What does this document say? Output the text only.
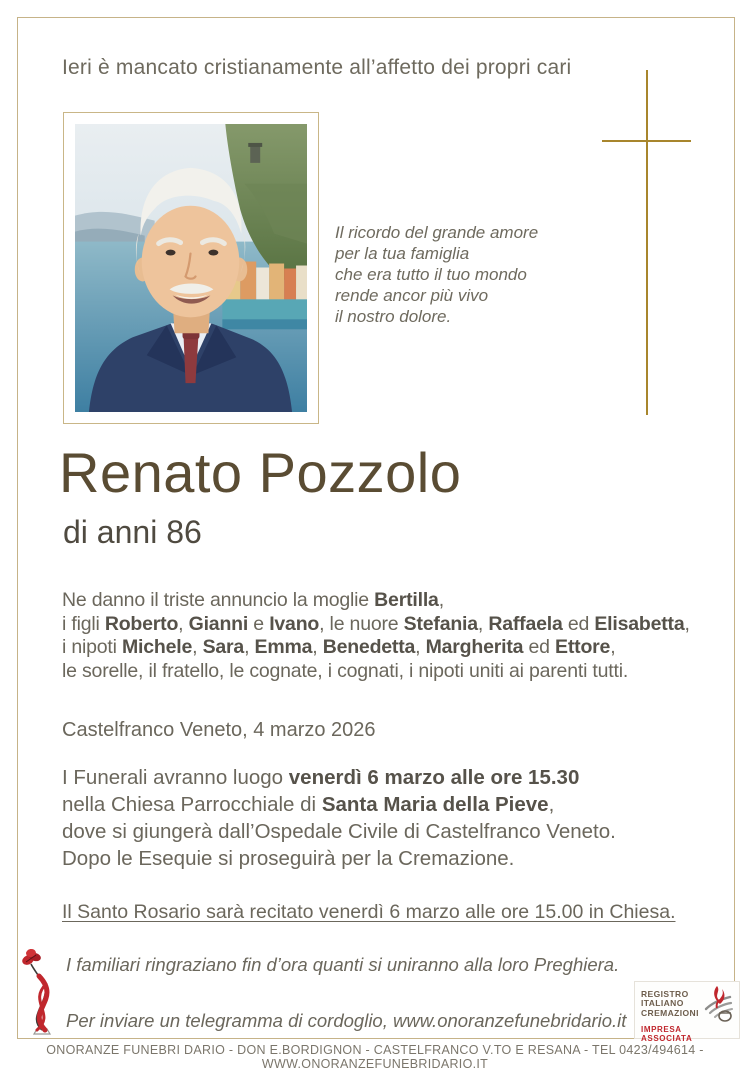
Ieri è mancato cristianamente all’affetto dei propri cari
Il ricordo del grande amore
per la tua famiglia
che era tutto il tuo mondo
rende ancor più vivo
il nostro dolore.
Renato Pozzolo
di anni 86
Ne danno il triste annuncio la moglie Bertilla,
i figli Roberto, Gianni e Ivano, le nuore Stefania, Raffaela ed Elisabetta,
i nipoti Michele, Sara, Emma, Benedetta, Margherita ed Ettore,
le sorelle, il fratello, le cognate, i cognati, i nipoti uniti ai parenti tutti.
Castelfranco Veneto, 4 marzo 2026
I Funerali avranno luogo venerdì 6 marzo alle ore 15.30
nella Chiesa Parrocchiale di Santa Maria della Pieve,
dove si giungerà dall’Ospedale Civile di Castelfranco Veneto.
Dopo le Esequie si proseguirà per la Cremazione.
Il Santo Rosario sarà recitato venerdì 6 marzo alle ore 15.00 in Chiesa.
I familiari ringraziano fin d’ora quanti si uniranno alla loro Preghiera.
Per inviare un telegramma di cordoglio, www.onoranzefunebridario.it
REGISTRO
ITALIANO
CREMAZIONI
IMPRESA ASSOCIATA
ONORANZE FUNEBRI DARIO - DON E.BORDIGNON - CASTELFRANCO V.TO E RESANA - TEL 0423/494614 - WWW.ONORANZEFUNEBRIDARIO.IT
